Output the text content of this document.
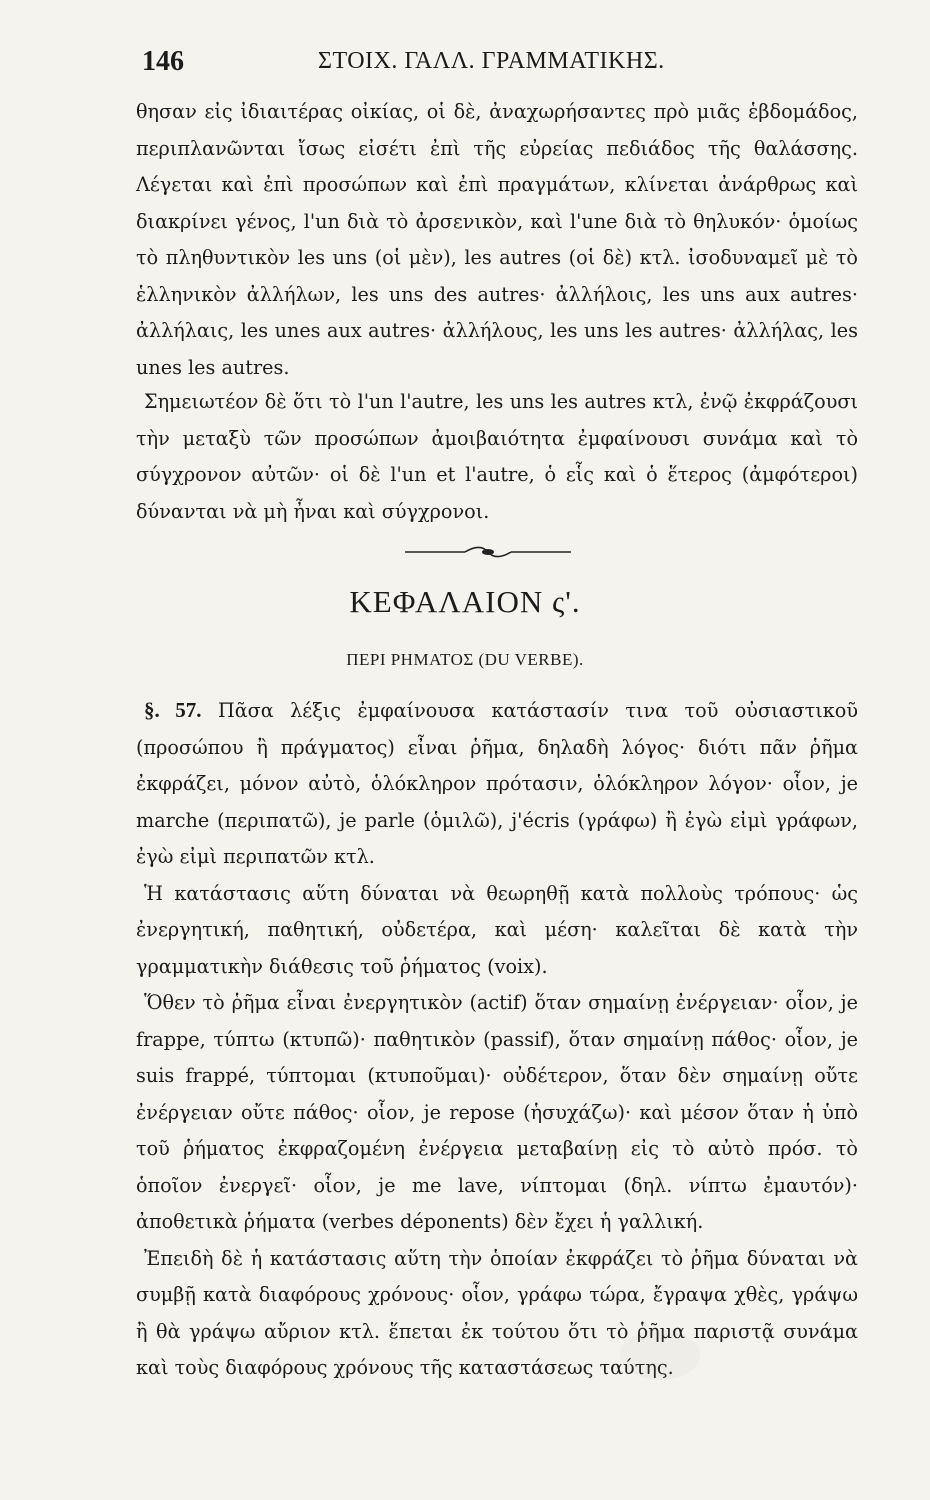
146	ΣΤΟΙΧ. ΓΑΛΛ. ΓΡΑΜΜΑΤΙΚΗΣ.

θησαν εἰς ἰδιαιτέρας οἰκίας, οἱ δὲ, ἀναχωρήσαντες πρὸ μιᾶς ἑβδομάδος, περιπλανῶνται ἴσως εἰσέτι ἐπὶ τῆς εὐρείας πεδιάδος τῆς θαλάσσης. Λέγεται καὶ ἐπὶ προσώπων καὶ ἐπὶ πραγμάτων, κλίνεται ἀνάρθρως καὶ διακρίνει γένος, l'un διὰ τὸ ἀρσενικὸν, καὶ l'une διὰ τὸ θηλυκόν· ὁμοίως τὸ πληθυντικὸν les uns (οἱ μὲν), les autres (οἱ δὲ) κτλ. ἰσοδυναμεῖ μὲ τὸ ἑλληνικὸν ἀλλήλων, les uns des autres· ἀλλήλοις, les uns aux autres· ἀλλήλαις, les unes aux autres· ἀλλήλους, les uns les autres· ἀλλήλας, les unes les autres.

Σημειωτέον δὲ ὅτι τὸ l'un l'autre, les uns les autres κτλ, ἐνῷ ἐκφράζουσι τὴν μεταξὺ τῶν προσώπων ἀμοιβαιότητα ἐμφαίνουσι συνάμα καὶ τὸ σύγχρονον αὐτῶν· οἱ δὲ l'un et l'autre, ὁ εἷς καὶ ὁ ἕτερος (ἀμφότεροι) δύνανται νὰ μὴ ἦναι καὶ σύγχρονοι.

ΚΕΦΑΛΑΙΟΝ ς'.
ΠΕΡΙ ΡΗΜΑΤΟΣ (DU VERBE).

§. 57. Πᾶσα λέξις ἐμφαίνουσα κατάστασίν τινα τοῦ οὐσιαστικοῦ (προσώπου ἢ πράγματος) εἶναι ῥῆμα, δηλαδὴ λόγος· διότι πᾶν ῥῆμα ἐκφράζει, μόνον αὐτὸ, ὁλόκληρον πρότασιν, ὁλόκληρον λόγον· οἷον, je marche (περιπατῶ), je parle (ὁμιλῶ), j'écris (γράφω) ἢ ἐγὼ εἰμὶ γράφων, ἐγὼ εἰμὶ περιπατῶν κτλ.

Ἡ κατάστασις αὕτη δύναται νὰ θεωρηθῇ κατὰ πολλοὺς τρόπους· ὡς ἐνεργητική, παθητική, οὐδετέρα, καὶ μέση· καλεῖται δὲ κατὰ τὴν γραμματικὴν διάθεσις τοῦ ῥήματος (voix).

Ὅθεν τὸ ῥῆμα εἶναι ἐνεργητικὸν (actif) ὅταν σημαίνῃ ἐνέργειαν· οἷον, je frappe, τύπτω (κτυπῶ)· παθητικὸν (passif), ὅταν σημαίνῃ πάθος· οἷον, je suis frappé, τύπτομαι (κτυποῦμαι)· οὐδέτερον, ὅταν δὲν σημαίνῃ οὔτε ἐνέργειαν οὔτε πάθος· οἷον, je repose (ἡσυχάζω)· καὶ μέσον ὅταν ἡ ὑπὸ τοῦ ῥήματος ἐκφραζομένη ἐνέργεια μεταβαίνῃ εἰς τὸ αὐτὸ πρόσ. τὸ ὁποῖον ἐνεργεῖ· οἷον, je me lave, νίπτομαι (δηλ. νίπτω ἐμαυτόν)· ἀποθετικὰ ῥήματα (verbes déponents) δὲν ἔχει ἡ γαλλική.

Ἐπειδὴ δὲ ἡ κατάστασις αὕτη τὴν ὁποίαν ἐκφράζει τὸ ῥῆμα δύναται νὰ συμβῇ κατὰ διαφόρους χρόνους· οἷον, γράφω τώρα, ἔγραψα χθὲς, γράψω ἢ θὰ γράψω αὔριον κτλ. ἕπεται ἐκ τούτου ὅτι τὸ ῥῆμα παριστᾷ συνάμα καὶ τοὺς διαφόρους χρόνους τῆς καταστάσεως ταύτης.
